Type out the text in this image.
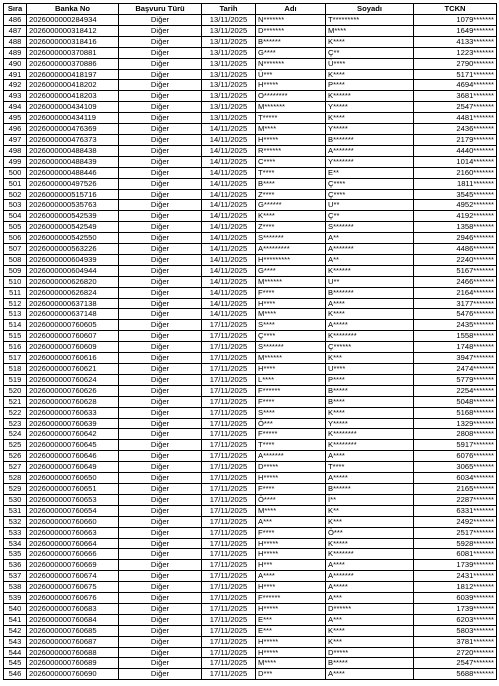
Sıra	Banka No	Başvuru Türü	Tarih	Adı	Soyadı	TCKN
486	2026000000284934	Diğer	13/11/2025	N*******	T*********	1079*******
487	2026000000318412	Diğer	13/11/2025	D*******	M****	1649*******
488	2026000000318416	Diğer	13/11/2025	B******	K****	4133*******
489	2026000000370881	Diğer	13/11/2025	G****	Ç**	1223*******
490	2026000000370886	Diğer	13/11/2025	N*******	Ü****	2790*******
491	2026000000418197	Diğer	13/11/2025	Ü***	K****	5171*******
492	2026000000418202	Diğer	13/11/2025	H*****	P****	4694*******
493	2026000000418203	Diğer	13/11/2025	O********	K******	3681*******
494	2026000000434109	Diğer	13/11/2025	M*******	Y*****	2547*******
495	2026000000434119	Diğer	13/11/2025	T*****	K****	4481*******
496	2026000000476369	Diğer	14/11/2025	M****	Y*****	2436*******
497	2026000000476373	Diğer	14/11/2025	H*****	B*******	2179*******
498	2026000000488438	Diğer	14/11/2025	R******	A*******	4440*******
499	2026000000488439	Diğer	14/11/2025	C****	Y*******	1014*******
500	2026000000488446	Diğer	14/11/2025	T****	E**	2160*******
501	2026000000497526	Diğer	14/11/2025	B****	Ç****	1811*******
502	2026000000515716	Diğer	14/11/2025	Z****	Ç****	3545*******
503	2026000000535763	Diğer	14/11/2025	G******	U**	4952*******
504	2026000000542539	Diğer	14/11/2025	K****	Ç**	4192*******
505	2026000000542549	Diğer	14/11/2025	Z****	S*******	1358*******
506	2026000000542550	Diğer	14/11/2025	S*******	A**	2946*******
507	2026000000563226	Diğer	14/11/2025	A*********	A*******	4486*******
508	2026000000604939	Diğer	14/11/2025	H*********	A**	2240*******
509	2026000000604944	Diğer	14/11/2025	G****	K******	5167*******
510	2026000000626820	Diğer	14/11/2025	M******	U**	2466*******
511	2026000000626824	Diğer	14/11/2025	F****	B*******	2164*******
512	2026000000637138	Diğer	14/11/2025	H****	A****	3177*******
513	2026000000637148	Diğer	14/11/2025	M****	K****	5476*******
514	2026000000760605	Diğer	17/11/2025	S****	A*****	2435*******
515	2026000000760607	Diğer	17/11/2025	Ç****	K********	1558*******
516	2026000000760609	Diğer	17/11/2025	S*******	Ç******	1748*******
517	2026000000760616	Diğer	17/11/2025	M******	K***	3947*******
518	2026000000760621	Diğer	17/11/2025	H****	U****	2474*******
519	2026000000760624	Diğer	17/11/2025	L****	P****	5779*******
520	2026000000760626	Diğer	17/11/2025	F******	B*****	2254*******
521	2026000000760628	Diğer	17/11/2025	F****	B****	5048*******
522	2026000000760633	Diğer	17/11/2025	S****	K****	5168*******
523	2026000000760639	Diğer	17/11/2025	Ö***	Y*****	1329*******
524	2026000000760642	Diğer	17/11/2025	F*****	K********	2808*******
525	2026000000760645	Diğer	17/11/2025	T****	K********	5917*******
526	2026000000760646	Diğer	17/11/2025	A*******	A****	6076*******
527	2026000000760649	Diğer	17/11/2025	D*****	T****	3065*******
528	2026000000760650	Diğer	17/11/2025	H*****	A*****	6034*******
529	2026000000760651	Diğer	17/11/2025	F****	B******	2165*******
530	2026000000760653	Diğer	17/11/2025	Ö****	İ**	2287*******
531	2026000000760654	Diğer	17/11/2025	M****	K**	6331*******
532	2026000000760660	Diğer	17/11/2025	A***	K***	2492*******
533	2026000000760663	Diğer	17/11/2025	F****	Ö***	2517*******
534	2026000000760664	Diğer	17/11/2025	H*****	K*****	5928*******
535	2026000000760666	Diğer	17/11/2025	H*****	K*******	6081*******
536	2026000000760669	Diğer	17/11/2025	H***	A****	1739*******
537	2026000000760674	Diğer	17/11/2025	A****	A*******	2431*******
538	2026000000760675	Diğer	17/11/2025	H****	A*****	1812*******
539	2026000000760676	Diğer	17/11/2025	F******	A***	6039*******
540	2026000000760683	Diğer	17/11/2025	H*****	D******	1739*******
541	2026000000760684	Diğer	17/11/2025	E***	A***	6203*******
542	2026000000760685	Diğer	17/11/2025	E***	K****	5803*******
543	2026000000760687	Diğer	17/11/2025	H*****	K***	3781*******
544	2026000000760688	Diğer	17/11/2025	H*****	D*****	2720*******
545	2026000000760689	Diğer	17/11/2025	M****	B*****	2547*******
546	2026000000760690	Diğer	17/11/2025	D***	A****	5688*******
